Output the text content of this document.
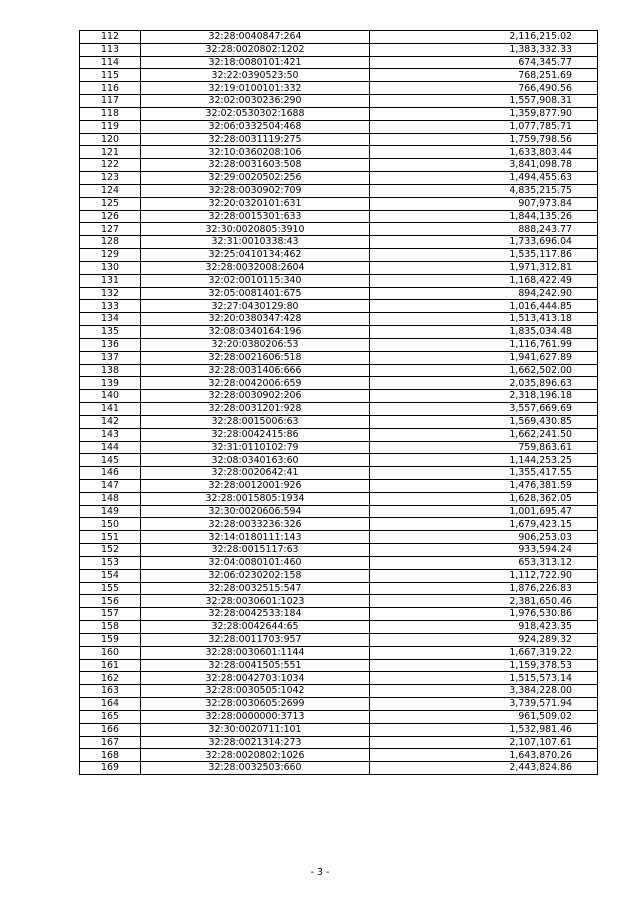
112	32:28:0040847:264	2,116,215.02
113	32:28:0020802:1202	1,383,332.33
114	32:18:0080101:421	674,345.77
115	32:22:0390523:50	768,251.69
116	32:19:0100101:332	766,490.56
117	32:02:0030236:290	1,557,908.31
118	32:02:0530302:1688	1,359,877.90
119	32:06:0332504:468	1,077,785.71
120	32:28:0031119:275	1,759,798.56
121	32:10:0360208:106	1,633,803.44
122	32:28:0031603:508	3,841,098.78
123	32:29:0020502:256	1,494,455.63
124	32:28:0030902:709	4,835,215.75
125	32:20:0320101:631	907,973.84
126	32:28:0015301:633	1,844,135.26
127	32:30:0020805:3910	888,243.77
128	32:31:0010338:43	1,733,696.04
129	32:25:0410134:462	1,535,117.86
130	32:28:0032008:2604	1,971,312.81
131	32:02:0010115:340	1,168,422.49
132	32:05:0081401:675	894,242.90
133	32:27:0430129:80	1,016,444.85
134	32:20:0380347:428	1,513,413.18
135	32:08:0340164:196	1,835,034.48
136	32:20:0380206:53	1,116,761.99
137	32:28:0021606:518	1,941,627.89
138	32:28:0031406:666	1,662,502.00
139	32:28:0042006:659	2,035,896.63
140	32:28:0030902:206	2,318,196.18
141	32:28:0031201:928	3,557,669.69
142	32:28:0015006:63	1,569,430.85
143	32:28:0042415:86	1,662,241.50
144	32:31:0110102:79	759,863.61
145	32:08:0340163:60	1,144,253.25
146	32:28:0020642:41	1,355,417.55
147	32:28:0012001:926	1,476,381.59
148	32:28:0015805:1934	1,628,362.05
149	32:30:0020606:594	1,001,695.47
150	32:28:0033236:326	1,679,423.15
151	32:14:0180111:143	906,253.03
152	32:28:0015117:63	933,594.24
153	32:04:0080101:460	653,313.12
154	32:06:0230202:158	1,112,722.90
155	32:28:0032515:547	1,876,226.83
156	32:28:0030601:1023	2,381,650.46
157	32:28:0042533:184	1,976,530.86
158	32:28:0042644:65	918,423.35
159	32:28:0011703:957	924,289.32
160	32:28:0030601:1144	1,667,319.22
161	32:28:0041505:551	1,159,378.53
162	32:28:0042703:1034	1,515,573.14
163	32:28:0030505:1042	3,384,228.00
164	32:28:0030605:2699	3,739,571.94
165	32:28:0000000:3713	961,509.02
166	32:30:0020711:101	1,532,981.46
167	32:28:0021314:273	2,107,107.61
168	32:28:0020802:1026	1,643,870.26
169	32:28:0032503:660	2,443,824.86
- 3 -
